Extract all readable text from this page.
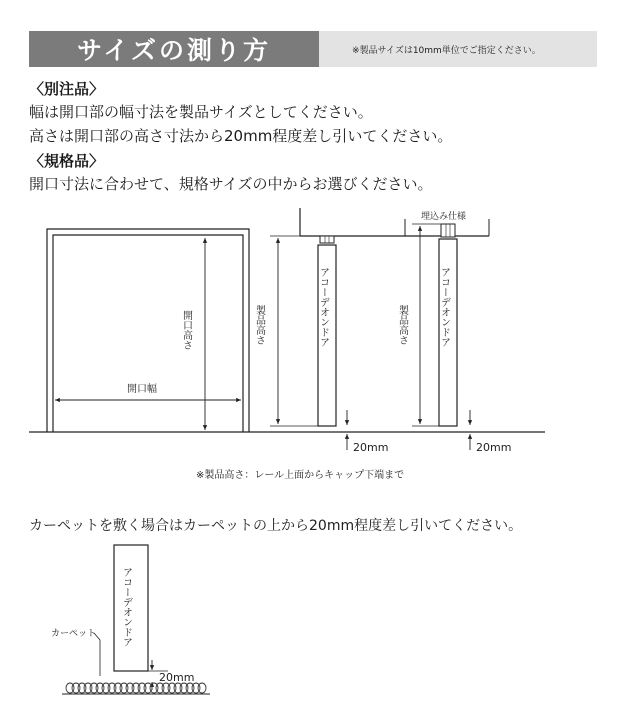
サイズの測り方	※製品サイズは10mm単位でご指定ください。
〈別注品〉
幅は開口部の幅寸法を製品サイズとしてください。
高さは開口部の高さ寸法から20mm程度差し引いてください。
〈規格品〉
開口寸法に合わせて、規格サイズの中からお選びください。
開口高さ
開口幅
埋込み仕様
アコーデオンドア
製品高さ
20mm
アコーデオンドア
製品高さ
20mm
※製品高さ：レール上面からキャップ下端まで
カーペットを敷く場合はカーペットの上から20mm程度差し引いてください。
アコーデオンドア
カーペット
20mm
